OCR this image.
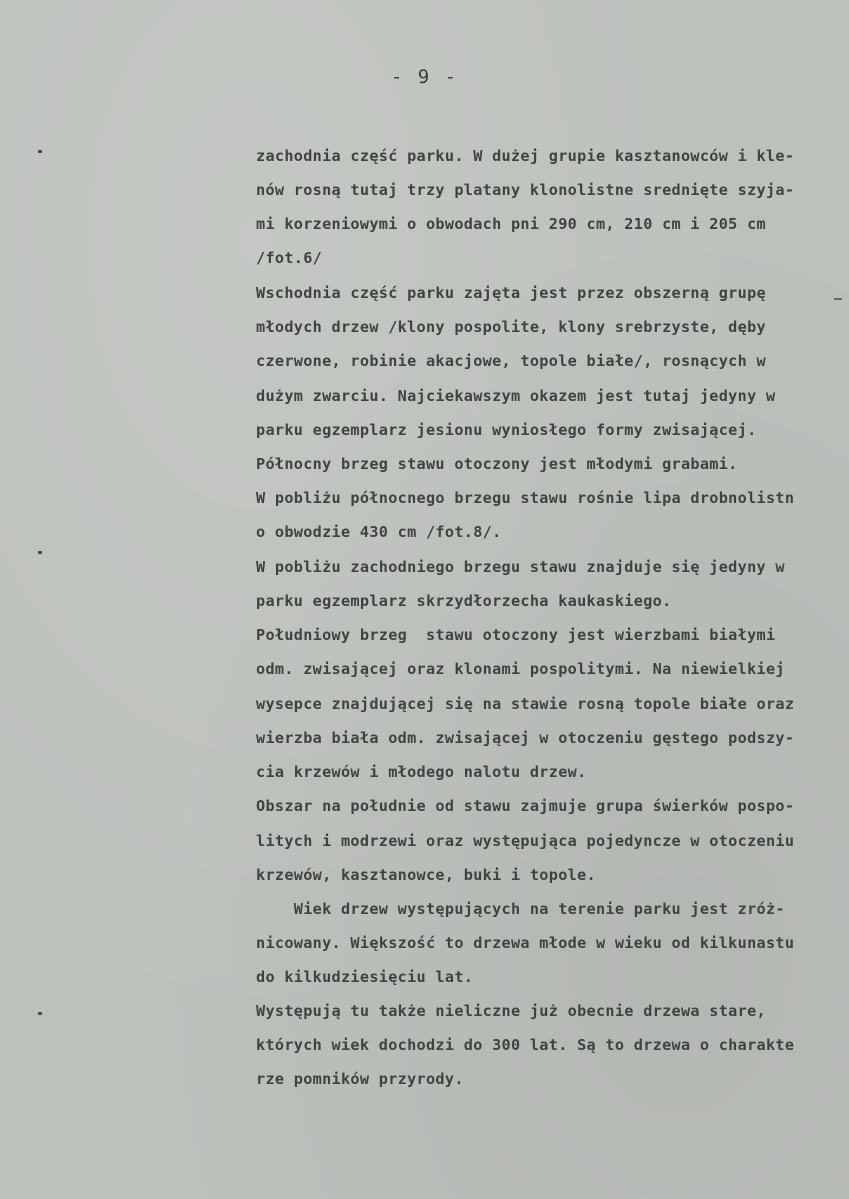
- 9 -
zachodnia część parku. W dużej grupie kasztanowców i kle-
nów rosną tutaj trzy platany klonolistne srednięte szyja-
mi korzeniowymi o obwodach pni 290 cm, 210 cm i 205 cm
/fot.6/
Wschodnia część parku zajęta jest przez obszerną grupę
młodych drzew /klony pospolite, klony srebrzyste, dęby
czerwone, robinie akacjowe, topole białe/, rosnących w
dużym zwarciu. Najciekawszym okazem jest tutaj jedyny w
parku egzemplarz jesionu wyniosłego formy zwisającej.
Północny brzeg stawu otoczony jest młodymi grabami.
W pobliżu północnego brzegu stawu rośnie lipa drobnolistn
o obwodzie 430 cm /fot.8/.
W pobliżu zachodniego brzegu stawu znajduje się jedyny w
parku egzemplarz skrzydłorzecha kaukaskiego.
Południowy brzeg  stawu otoczony jest wierzbami białymi
odm. zwisającej oraz klonami pospolitymi. Na niewielkiej
wysepce znajdującej się na stawie rosną topole białe oraz
wierzba biała odm. zwisającej w otoczeniu gęstego podszy-
cia krzewów i młodego nalotu drzew.
Obszar na południe od stawu zajmuje grupa świerków pospo-
litych i modrzewi oraz występująca pojedyncze w otoczeniu
krzewów, kasztanowce, buki i topole.
Wiek drzew występujących na terenie parku jest zróż-
nicowany. Większość to drzewa młode w wieku od kilkunastu
do kilkudziesięciu lat.
Występują tu także nieliczne już obecnie drzewa stare,
których wiek dochodzi do 300 lat. Są to drzewa o charakte
rze pomników przyrody.
